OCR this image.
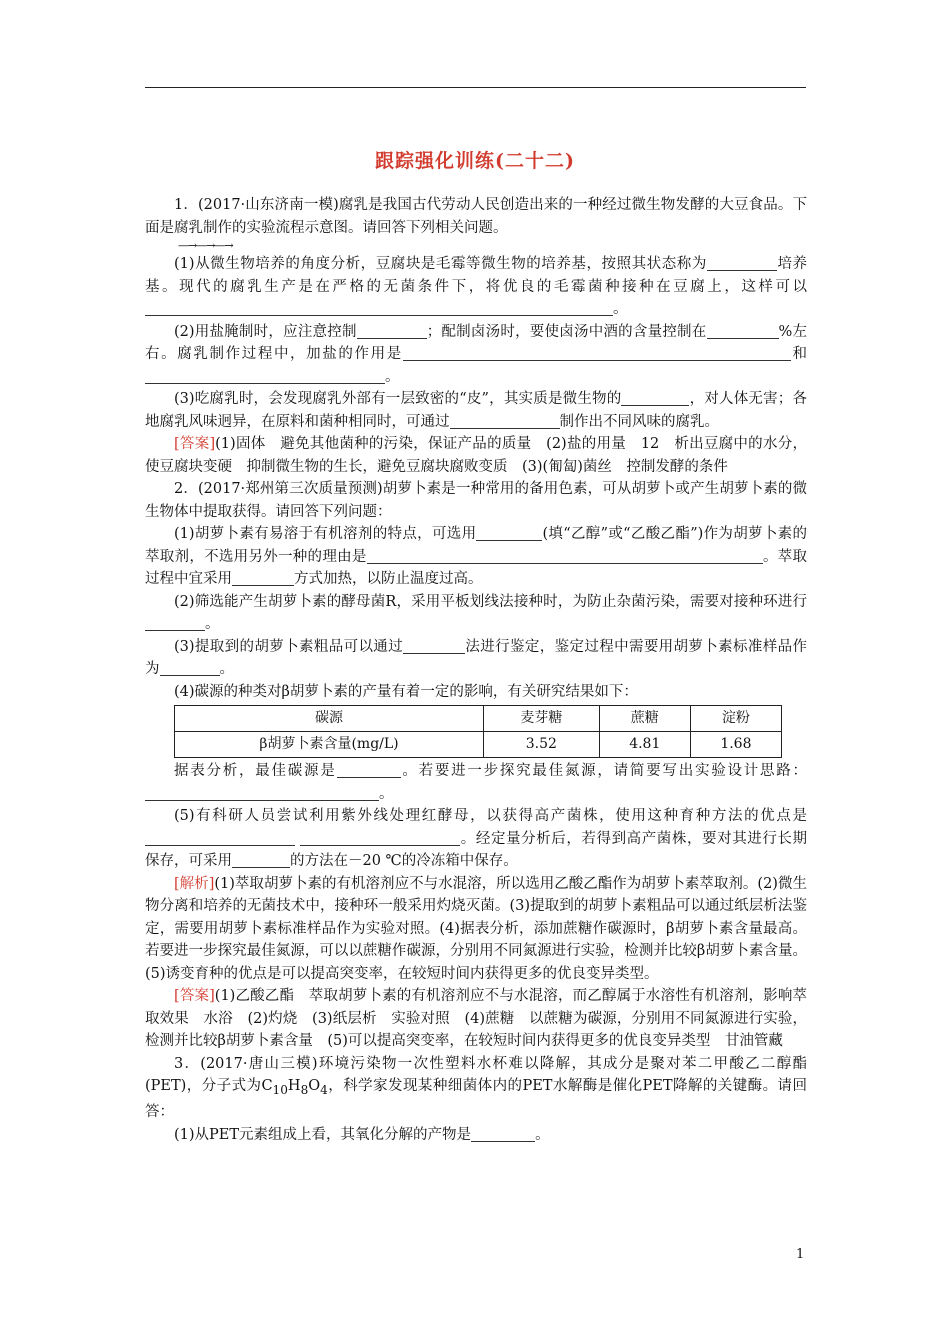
跟踪强化训练(二十二)

1．(2017·山东济南一模)腐乳是我国古代劳动人民创造出来的一种经过微生物发酵的大豆食品。下面是腐乳制作的实验流程示意图。请回答下列相关问题。

—→—→—→

(1)从微生物培养的角度分析，豆腐块是毛霉等微生物的培养基，按照其状态称为	培养基。现代的腐乳生产是在严格的无菌条件下，将优良的毛霉菌种接种在豆腐上，这样可以。

(2)用盐腌制时，应注意控制	；配制卤汤时，要使卤汤中酒的含量控制在	%左右。腐乳制作过程中，加盐的作用是	和。

(3)吃腐乳时，会发现腐乳外部有一层致密的“皮”，其实质是微生物的	，对人体无害；各地腐乳风味迥异，在原料和菌种相同时，可通过	制作出不同风味的腐乳。

[答案](1)固体　避免其他菌种的污染，保证产品的质量　(2)盐的用量　12　析出豆腐中的水分，使豆腐块变硬　抑制微生物的生长，避免豆腐块腐败变质　(3)(匍匐)菌丝　控制发酵的条件

2．(2017·郑州第三次质量预测)胡萝卜素是一种常用的备用色素，可从胡萝卜或产生胡萝卜素的微生物体中提取获得。请回答下列问题：

(1)胡萝卜素有易溶于有机溶剂的特点，可选用	(填“乙醇”或“乙酸乙酯”)作为胡萝卜素的萃取剂，不选用另外一种的理由是	。萃取过程中宜采用	方式加热，以防止温度过高。

(2)筛选能产生胡萝卜素的酵母菌R，采用平板划线法接种时，为防止杂菌污染，需要对接种环进行。

(3)提取到的胡萝卜素粗品可以通过	法进行鉴定，鉴定过程中需要用胡萝卜素标准样品作为	。

(4)碳源的种类对β胡萝卜素的产量有着一定的影响，有关研究结果如下：

碳源	麦芽糖	蔗糖	淀粉
β胡萝卜素含量(mg/L)	3.52	4.81	1.68

据表分析，最佳碳源是	。若要进一步探究最佳氮源，请简要写出实验设计思路：。

(5)有科研人员尝试利用紫外线处理红酵母，以获得高产菌株，使用这种育种方法的优点是 。经定量分析后，若得到高产菌株，要对其进行长期保存，可采用	的方法在－20 ℃的冷冻箱中保存。

[解析](1)萃取胡萝卜素的有机溶剂应不与水混溶，所以选用乙酸乙酯作为胡萝卜素萃取剂。(2)微生物分离和培养的无菌技术中，接种环一般采用灼烧灭菌。(3)提取到的胡萝卜素粗品可以通过纸层析法鉴定，需要用胡萝卜素标准样品作为实验对照。(4)据表分析，添加蔗糖作碳源时，β胡萝卜素含量最高。若要进一步探究最佳氮源，可以以蔗糖作碳源，分别用不同氮源进行实验，检测并比较β胡萝卜素含量。(5)诱变育种的优点是可以提高突变率，在较短时间内获得更多的优良变异类型。

[答案](1)乙酸乙酯　萃取胡萝卜素的有机溶剂应不与水混溶，而乙醇属于水溶性有机溶剂，影响萃取效果　水浴　(2)灼烧　(3)纸层析　实验对照　(4)蔗糖　以蔗糖为碳源，分别用不同氮源进行实验，检测并比较β胡萝卜素含量　(5)可以提高突变率，在较短时间内获得更多的优良变异类型　甘油管藏

3．(2017·唐山三模)环境污染物一次性塑料水杯难以降解，其成分是聚对苯二甲酸乙二醇酯(PET)，分子式为$C_{10}H_8O_4$，科学家发现某种细菌体内的PET水解酶是催化PET降解的关键酶。请回答：

(1)从PET元素组成上看，其氧化分解的产物是	。

1
